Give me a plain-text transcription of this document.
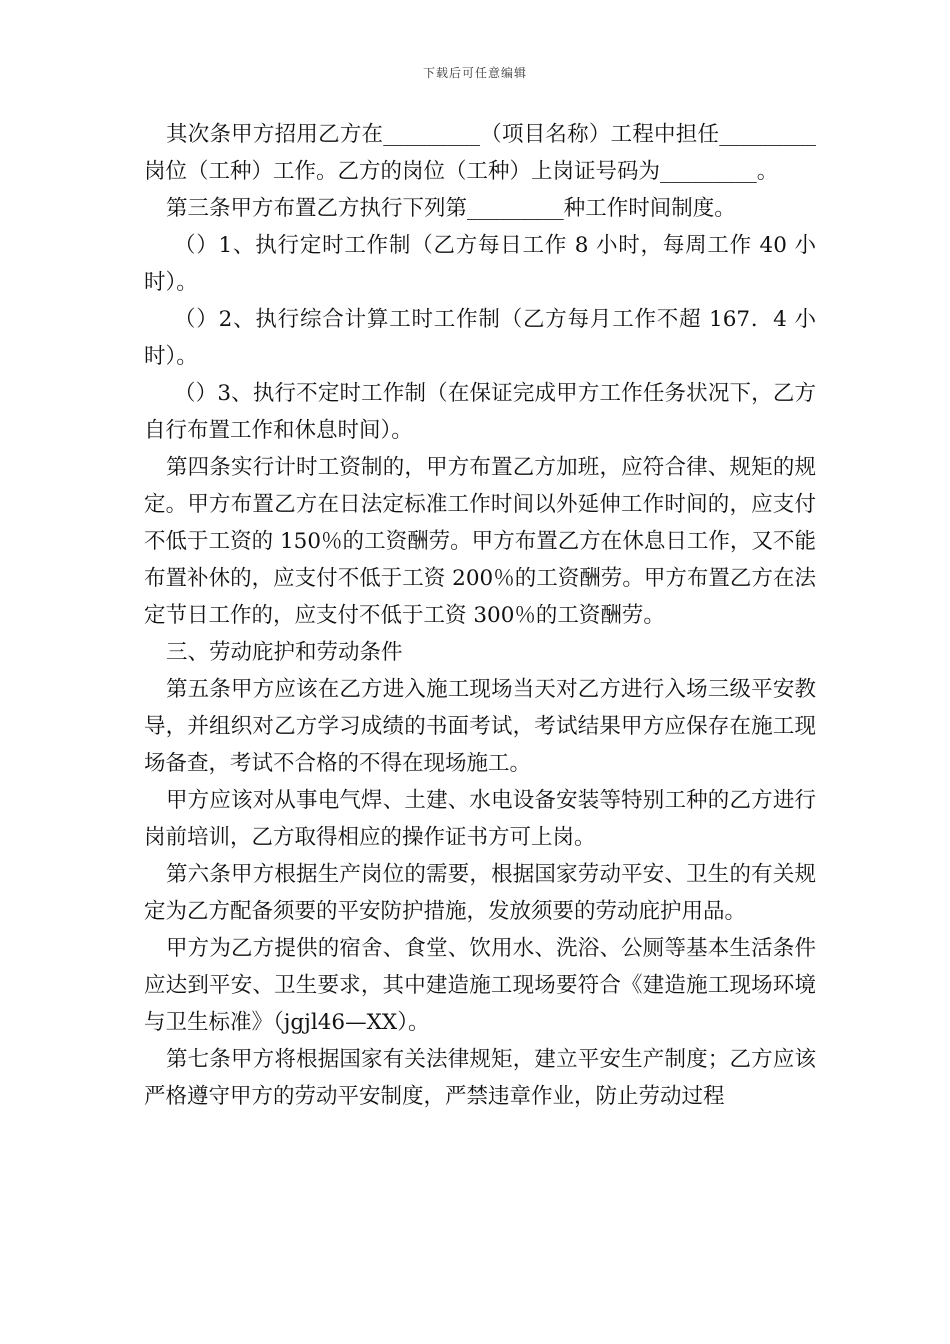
下载后可任意编辑

其次条甲方招用乙方在_________（项目名称）工程中担任_________岗位（工种）工作。乙方的岗位（工种）上岗证号码为_________。

第三条甲方布置乙方执行下列第_________种工作时间制度。

（）1、执行定时工作制（乙方每日工作 8 小时，每周工作 40 小时）。

（）2、执行综合计算工时工作制（乙方每月工作不超 167．4 小时）。

（）3、执行不定时工作制（在保证完成甲方工作任务状况下，乙方自行布置工作和休息时间）。

第四条实行计时工资制的，甲方布置乙方加班，应符合律、规矩的规定。甲方布置乙方在日法定标准工作时间以外延伸工作时间的，应支付不低于工资的 150％的工资酬劳。甲方布置乙方在休息日工作，又不能布置补休的，应支付不低于工资 200％的工资酬劳。甲方布置乙方在法定节日工作的，应支付不低于工资 300％的工资酬劳。

三、劳动庇护和劳动条件

第五条甲方应该在乙方进入施工现场当天对乙方进行入场三级平安教导，并组织对乙方学习成绩的书面考试，考试结果甲方应保存在施工现场备查，考试不合格的不得在现场施工。

甲方应该对从事电气焊、土建、水电设备安装等特别工种的乙方进行岗前培训，乙方取得相应的操作证书方可上岗。

第六条甲方根据生产岗位的需要，根据国家劳动平安、卫生的有关规定为乙方配备须要的平安防护措施，发放须要的劳动庇护用品。

甲方为乙方提供的宿舍、食堂、饮用水、洗浴、公厕等基本生活条件应达到平安、卫生要求，其中建造施工现场要符合《建造施工现场环境与卫生标准》（jgjl46—XX）。

第七条甲方将根据国家有关法律规矩，建立平安生产制度；乙方应该严格遵守甲方的劳动平安制度，严禁违章作业，防止劳动过程
